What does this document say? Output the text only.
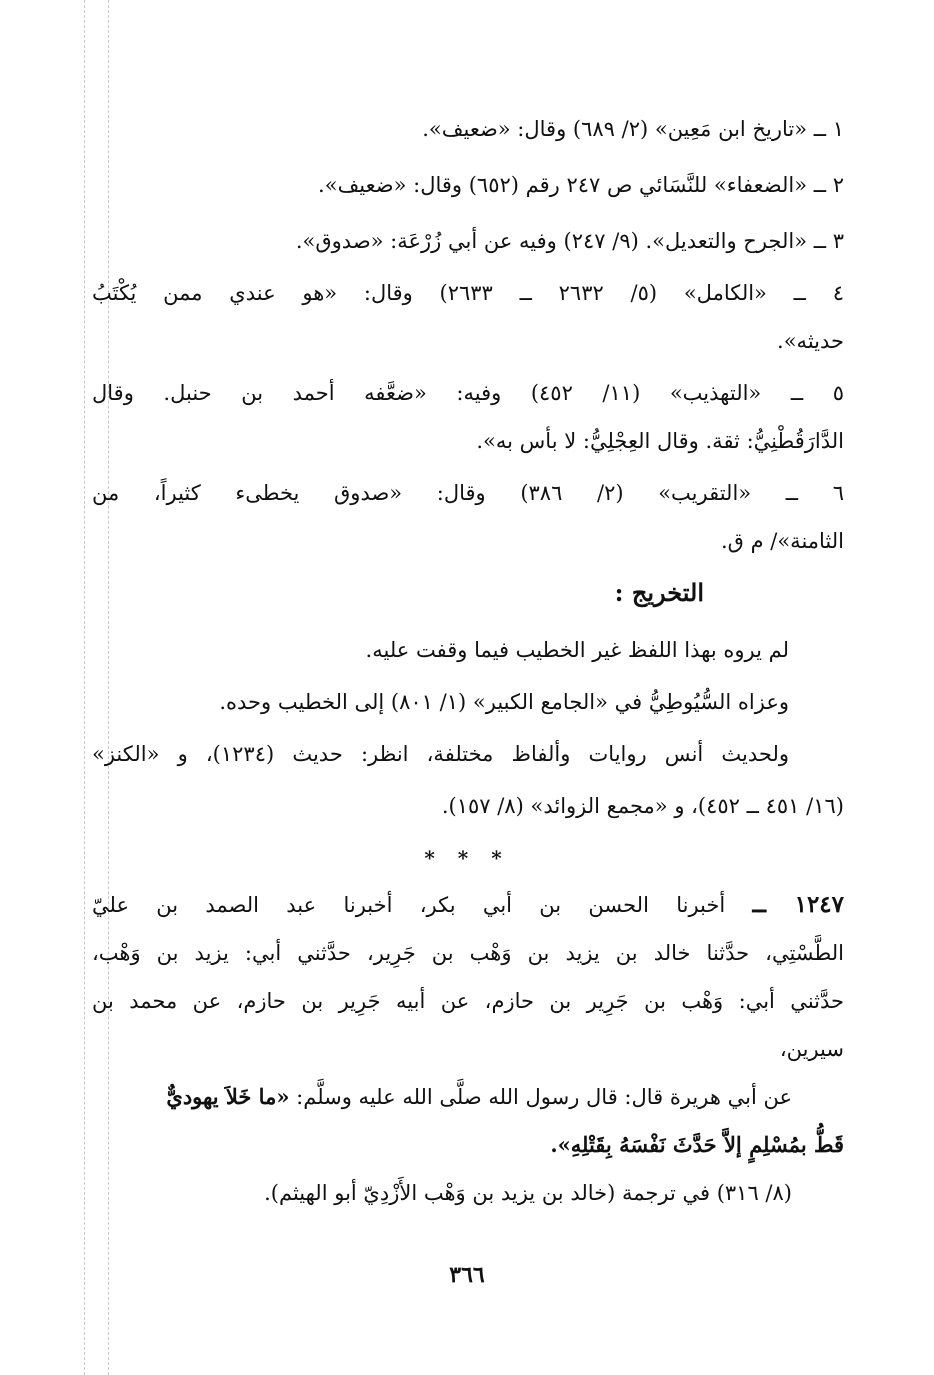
١ ــ «تاريخ ابن مَعِين» (٢/ ٦٨٩) وقال: «ضعيف».

٢ ــ «الضعفاء» للنَّسَائي ص ٢٤٧ رقم (٦٥٢) وقال: «ضعيف».

٣ ــ «الجرح والتعديل». (٩/ ٢٤٧) وفيه عن أبي زُرْعَة: «صدوق».

٤ ــ «الكامل» (٥/ ٢٦٣٢ ــ ٢٦٣٣) وقال: «هو عندي ممن يُكْتَبُ

حديثه».

٥ ــ «التهذيب» (١١/ ٤٥٢) وفيه: «ضعَّفه أحمد بن حنبل. وقال

الدَّارَقُطْنِيُّ: ثقة. وقال العِجْلِيُّ: لا بأس به».

٦ ــ «التقريب» (٢/ ٣٨٦) وقال: «صدوق يخطىء كثيراً، من

الثامنة»/ م ق.

التخريج :

لم يروه بهذا اللفظ غير الخطيب فيما وقفت عليه.

وعزاه السُّيُوطِيُّ في «الجامع الكبير» (١/ ٨٠١) إلى الخطيب وحده.

ولحديث أنس روايات وألفاظ مختلفة، انظر: حديث (١٢٣٤)، و «الكنز»

(١٦/ ٤٥١ ــ ٤٥٢)، و «مجمع الزوائد» (٨/ ١٥٧).

* * *

١٢٤٧ ــ أخبرنا الحسن بن أبي بكر، أخبرنا عبد الصمد بن عليّ

الطَّسْتِي، حدَّثنا خالد بن يزيد بن وَهْب بن جَرِير، حدَّثني أبي: يزيد بن وَهْب،

حدَّثني أبي: وَهْب بن جَرِير بن حازم، عن أبيه جَرِير بن حازم، عن محمد بن

سيرين،

عن أبي هريرة قال: قال رسول الله صلَّى الله عليه وسلَّم: «ما خَلاَ يهوديٌّ

قَطُّ بمُسْلِمٍ إلاَّ حَدَّثَ نَفْسَهُ بِقَتْلِهِ».

(٨/ ٣١٦) في ترجمة (خالد بن يزيد بن وَهْب الأَزْدِيّ أبو الهيثم).

٣٦٦
